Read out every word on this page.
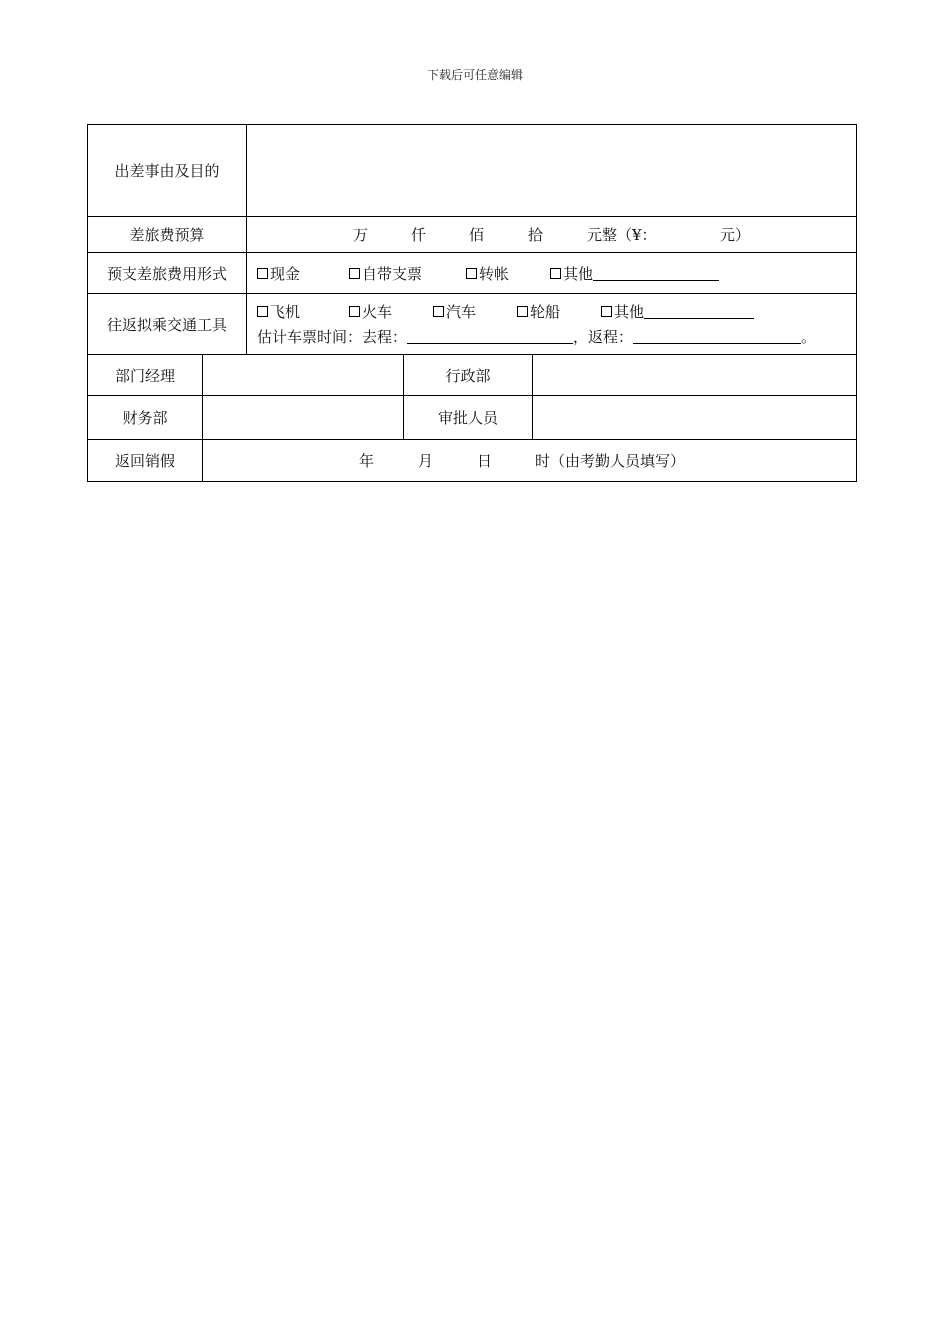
下载后可任意编辑
出差事由及目的
差旅费预算	万	仟	佰	拾	元整（¥：	元）
预支差旅费用形式	现金	自带支票	转帐	其他
往返拟乘交通工具
飞机	火车	汽车	轮船	其他
估计车票时间：去程：	，返程：	。
部门经理	行政部
财务部	审批人员
返回销假	年	月	日	时（由考勤人员填写）
